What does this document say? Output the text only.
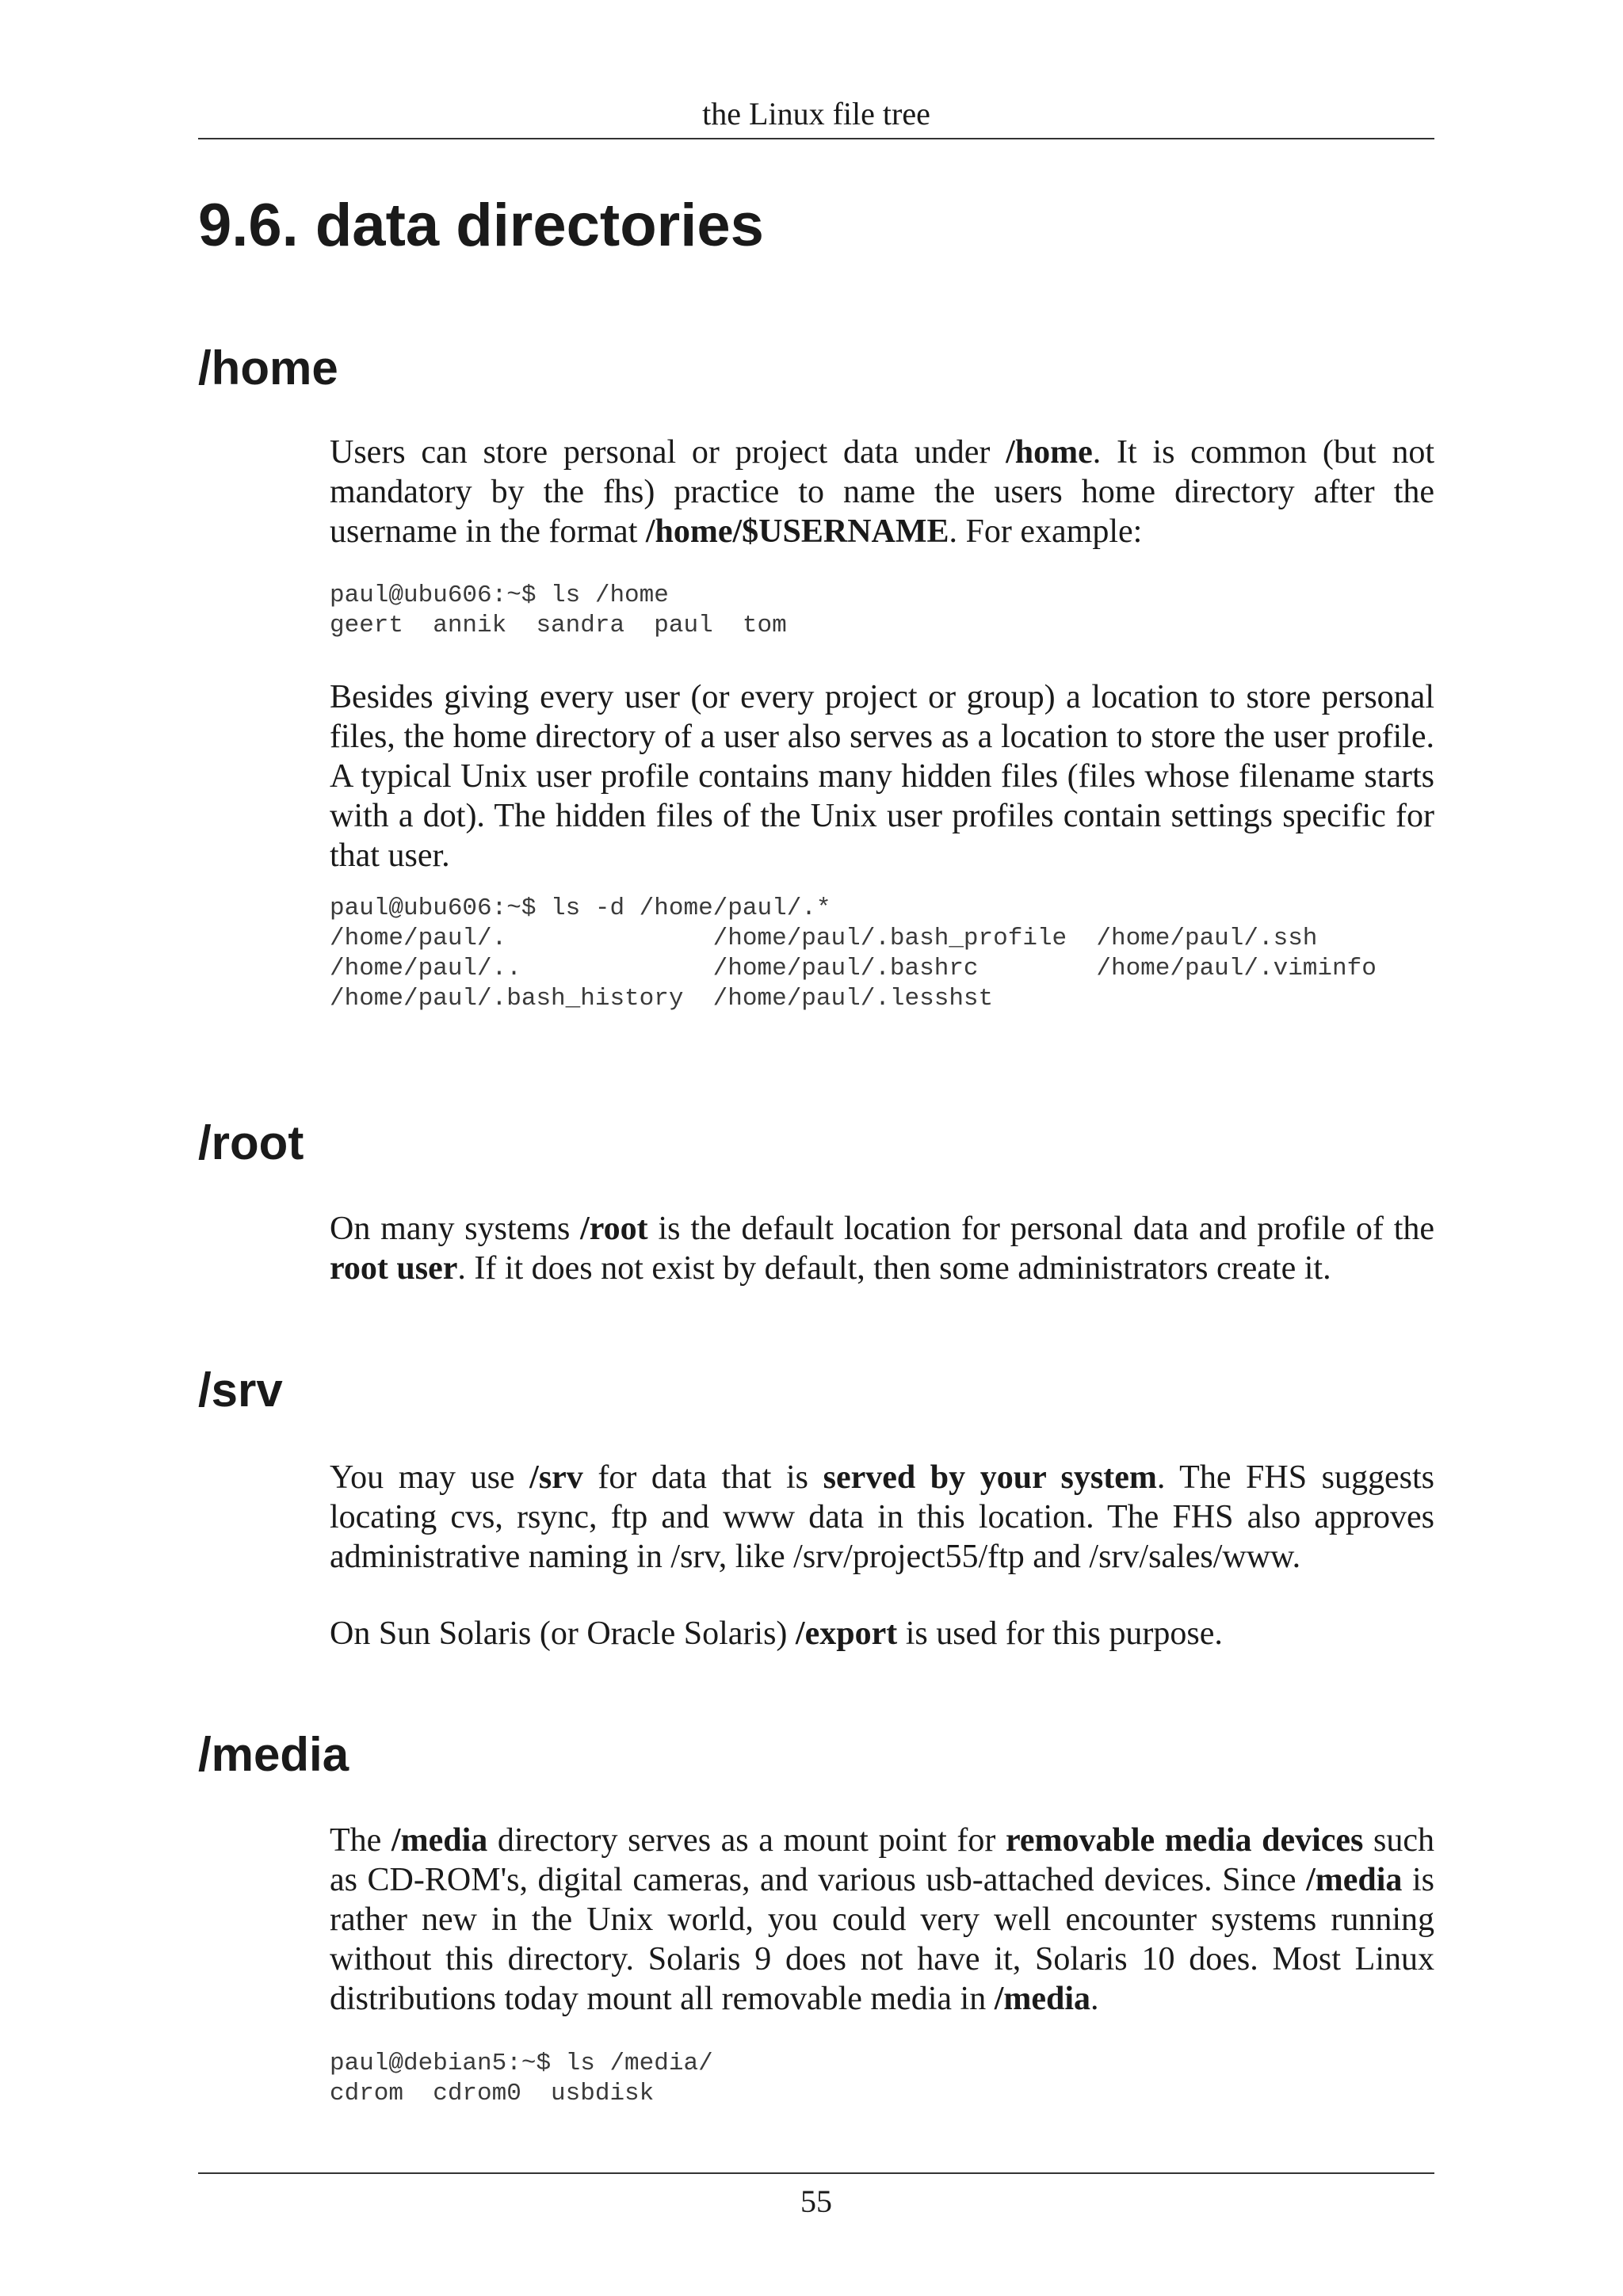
the Linux file tree
9.6. data directories
/home

Users can store personal or project data under /home. It is common (but not mandatory by the fhs) practice to name the users home directory after the username in the format /home/$USERNAME. For example:

paul@ubu606:~$ ls /home
geert  annik  sandra  paul  tom

Besides giving every user (or every project or group) a location to store personal files, the home directory of a user also serves as a location to store the user profile. A typical Unix user profile contains many hidden files (files whose filename starts with a dot). The hidden files of the Unix user profiles contain settings specific for that user.

paul@ubu606:~$ ls -d /home/paul/.*
/home/paul/.              /home/paul/.bash_profile  /home/paul/.ssh
/home/paul/..             /home/paul/.bashrc        /home/paul/.viminfo
/home/paul/.bash_history  /home/paul/.lesshst
/root

On many systems /root is the default location for personal data and profile of the root user. If it does not exist by default, then some administrators create it.

/srv

You may use /srv for data that is served by your system. The FHS suggests locating cvs, rsync, ftp and www data in this location. The FHS also approves administrative naming in /srv, like /srv/project55/ftp and /srv/sales/www.

On Sun Solaris (or Oracle Solaris) /export is used for this purpose.

/media

The /media directory serves as a mount point for removable media devices such as CD-ROM's, digital cameras, and various usb-attached devices. Since /media is rather new in the Unix world, you could very well encounter systems running without this directory. Solaris 9 does not have it, Solaris 10 does. Most Linux distributions today mount all removable media in /media.

paul@debian5:~$ ls /media/
cdrom  cdrom0  usbdisk
55
